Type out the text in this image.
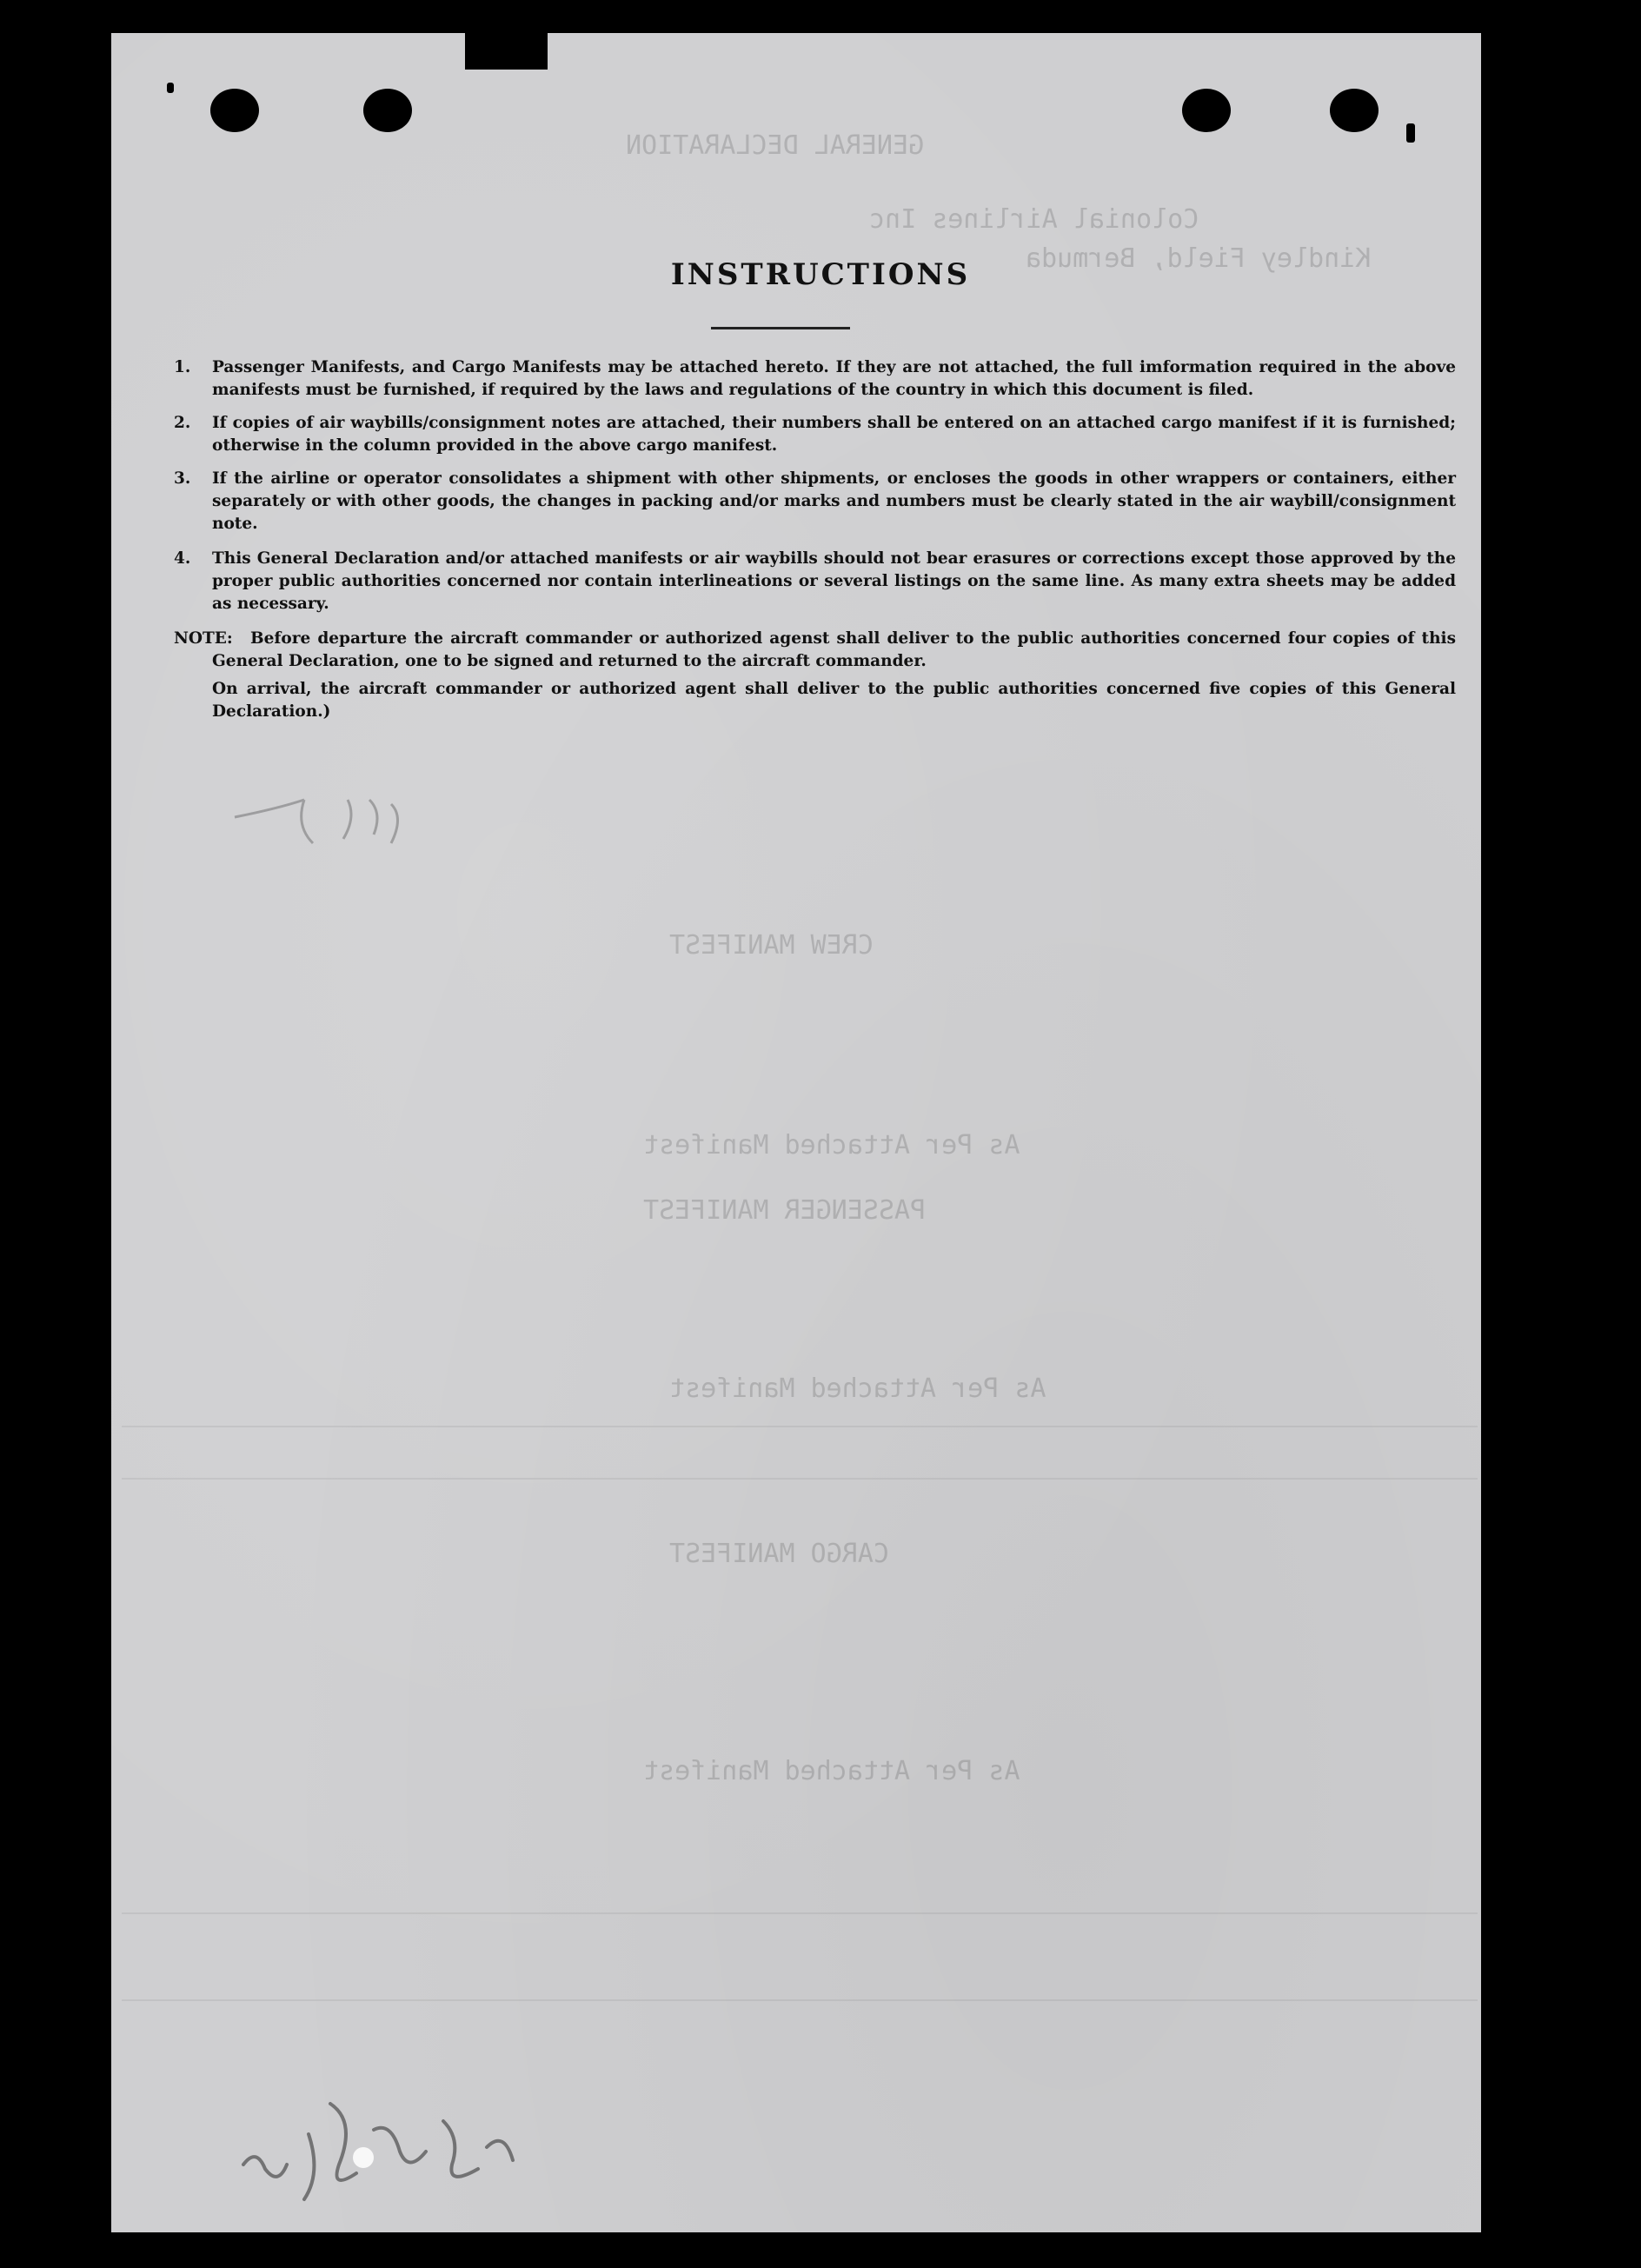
GENERAL DECLARATION
Colonial Airlines Inc
Kindley Field, Bermuda
CREW MANIFEST
As Per Attached Manifest
PASSENGER MANIFEST
As Per Attached Manifest
CARGO MANIFEST
As Per Attached Manifest
INSTRUCTIONS
1.	Passenger Manifests, and Cargo Manifests may be attached hereto. If they are not attached, the full imformation required in the above manifests must be furnished, if required by the laws and regulations of the country in which this document is filed.
2.	If copies of air waybills/consignment notes are attached, their numbers shall be entered on an attached cargo manifest if it is furnished; otherwise in the column provided in the above cargo manifest.
3.	If the airline or operator consolidates a shipment with other shipments, or encloses the goods in other wrappers or containers, either separately or with other goods, the changes in packing and/or marks and numbers must be clearly stated in the air waybill/consignment note.
4.	This General Declaration and/or attached manifests or air waybills should not bear erasures or corrections except those approved by the proper public authorities concerned nor contain interlineations or several listings on the same line. As many extra sheets may be added as necessary.
NOTE:	Before departure the aircraft commander or authorized agenst shall deliver to the public authorities concerned four copies of this General Declaration, one to be signed and returned to the aircraft commander.
On arrival, the aircraft commander or authorized agent shall deliver to the public authorities concerned five copies of this General Declaration.)
